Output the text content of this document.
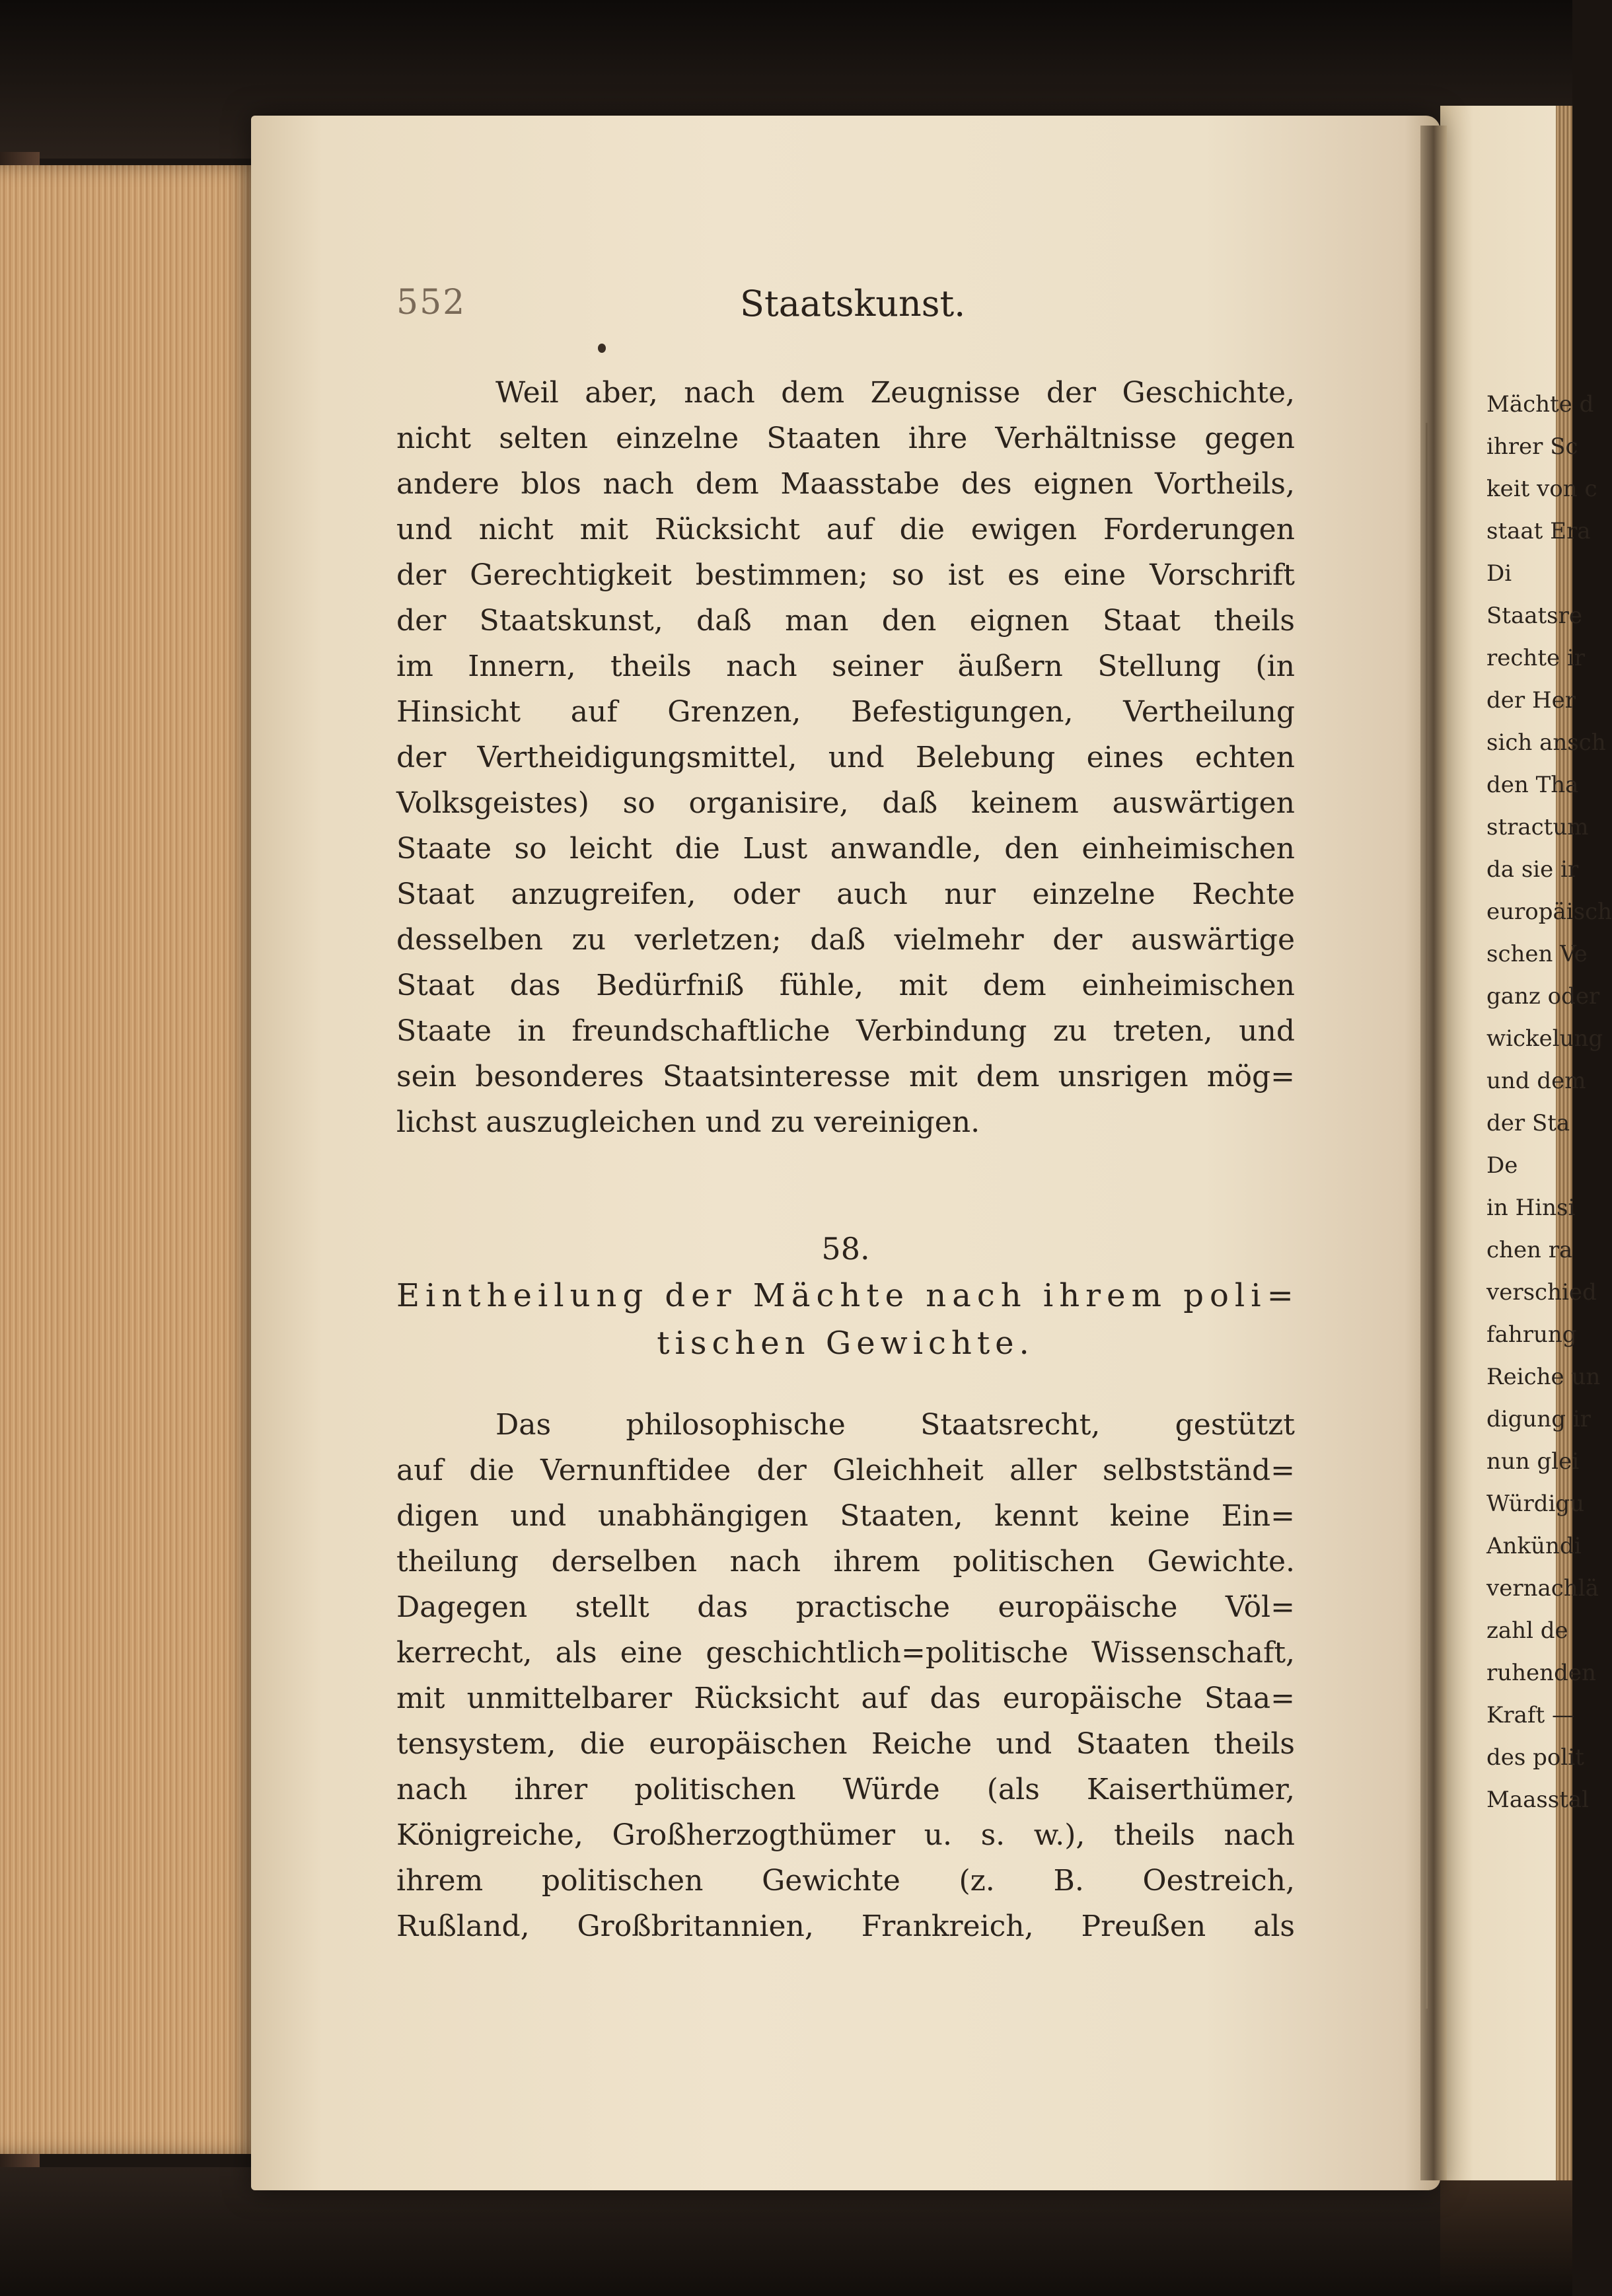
552	Staatskunst.
Weil aber, nach dem Zeugnisse der Geschichte,
nicht selten einzelne Staaten ihre Verhältnisse gegen
andere blos nach dem Maasstabe des eignen Vortheils,
und nicht mit Rücksicht auf die ewigen Forderungen
der Gerechtigkeit bestimmen; so ist es eine Vorschrift
der Staatskunst, daß man den eignen Staat theils
im Innern, theils nach seiner äußern Stellung (in
Hinsicht auf Grenzen, Befestigungen, Vertheilung
der Vertheidigungsmittel, und Belebung eines echten
Volksgeistes) so organisire, daß keinem auswärtigen
Staate so leicht die Lust anwandle, den einheimischen
Staat anzugreifen, oder auch nur einzelne Rechte
desselben zu verletzen; daß vielmehr der auswärtige
Staat das Bedürfniß fühle, mit dem einheimischen
Staate in freundschaftliche Verbindung zu treten, und
sein besonderes Staatsinteresse mit dem unsrigen mög=
lichst auszugleichen und zu vereinigen.
58.
Eintheilung der Mächte nach ihrem poli=
tischen Gewichte.
Das philosophische Staatsrecht, gestützt
auf die Vernunftidee der Gleichheit aller selbstständ=
digen und unabhängigen Staaten, kennt keine Ein=
theilung derselben nach ihrem politischen Gewichte.
Dagegen stellt das practische europäische Völ=
kerrecht, als eine geschichtlich=politische Wissenschaft,
mit unmittelbarer Rücksicht auf das europäische Staa=
tensystem, die europäischen Reiche und Staaten theils
nach ihrer politischen Würde (als Kaiserthümer,
Königreiche, Großherzogthümer u. s. w.), theils nach
ihrem politischen Gewichte (z. B. Oestreich,
Rußland, Großbritannien, Frankreich, Preußen als
Mächte d
ihrer Sc
keit von c
staat Era
Di
Staatsre
rechte ir
der Her
sich ansch
den Tha
stractum
da sie ir
europäisch
schen Ve
ganz oder
wickelung
und dem
der Sta
De
in Hinsi
chen ra
verschied
fahrung
Reiche un
digung ir
nun glei
Würdigu
Ankündi
vernachlä
zahl de
ruhenden
Kraft —
des polit
Maasstal
